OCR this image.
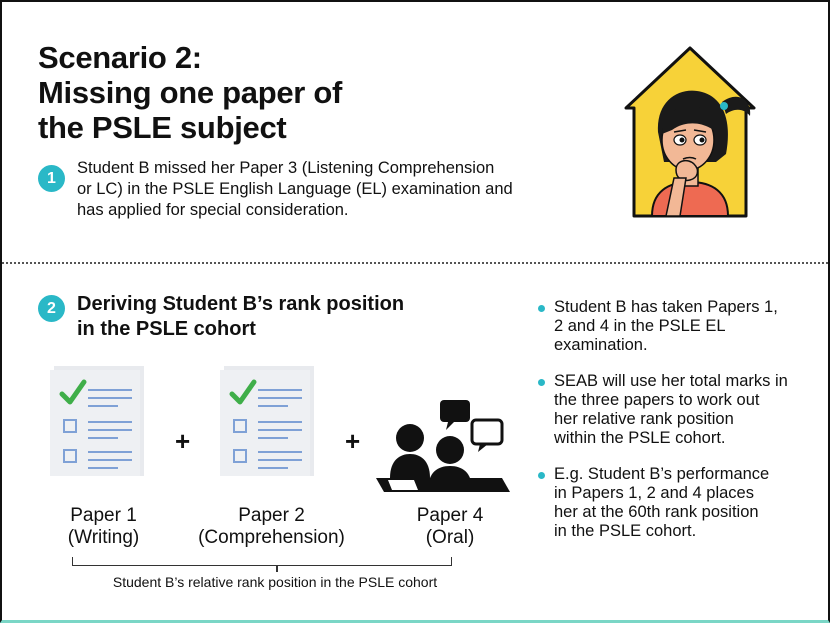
Scenario 2:
Missing one paper of
the PSLE subject
1
Student B missed her Paper 3 (Listening Comprehension
or LC) in the PSLE English Language (EL) examination and
has applied for special consideration.
2	Deriving Student B’s rank position
in the PSLE cohort
+	+
Paper 1
(Writing)
Paper 2
(Comprehension)
Paper 4
(Oral)
Student B’s relative rank position in the PSLE cohort
Student B has taken Papers 1,
2 and 4 in the PSLE EL
examination.
SEAB will use her total marks in
the three papers to work out
her relative rank position
within the PSLE cohort.
E.g. Student B’s performance
in Papers 1, 2 and 4 places
her at the 60th rank position
in the PSLE cohort.
